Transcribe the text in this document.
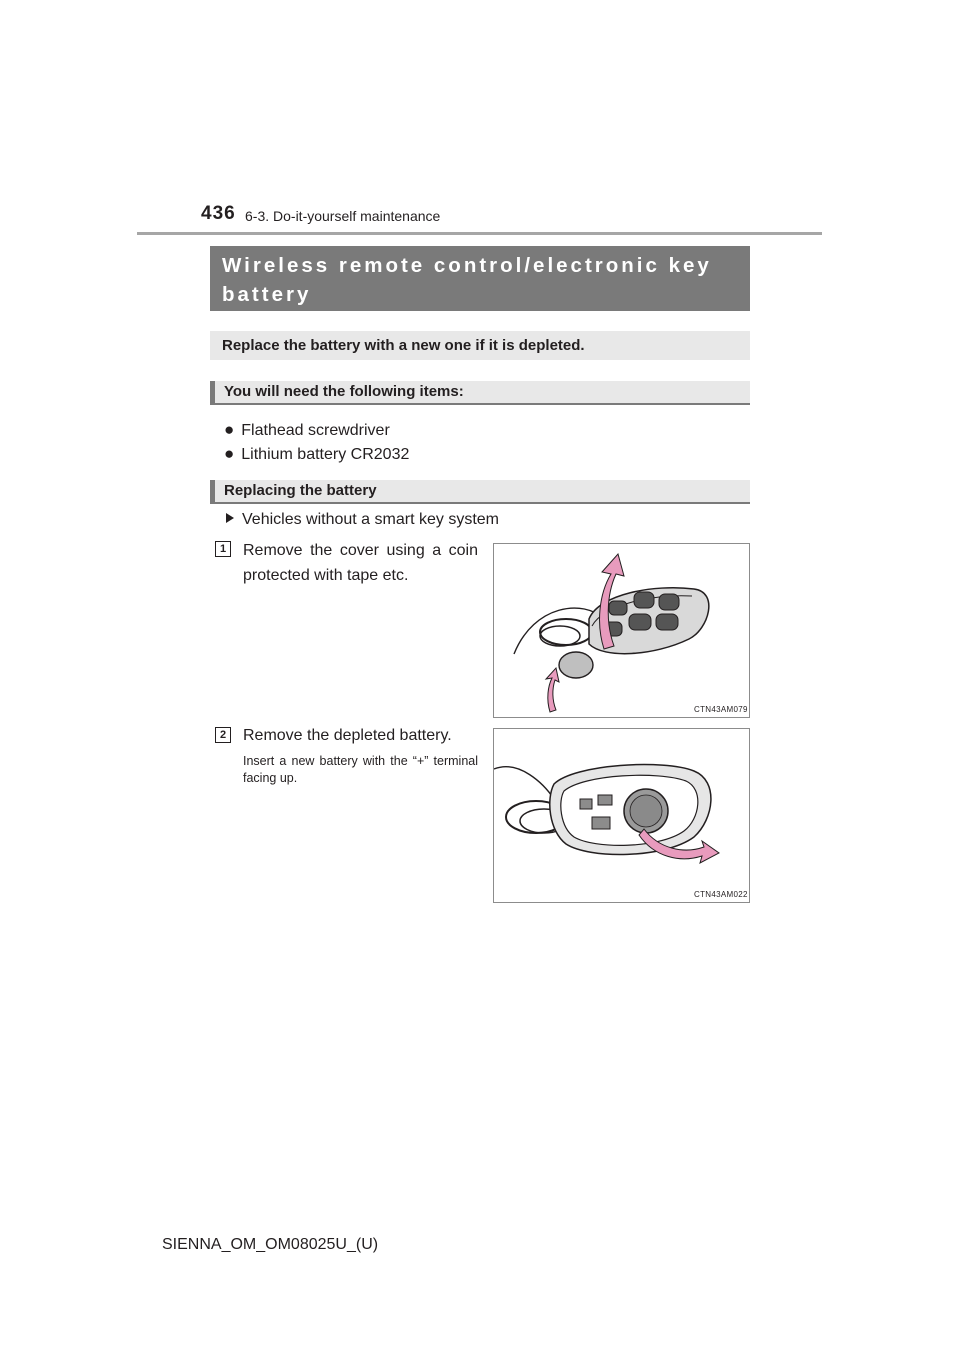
436 6-3. Do-it-yourself maintenance
Wireless remote control/electronic key
battery
Replace the battery with a new one if it is depleted.
You will need the following items:
● Flathead screwdriver
● Lithium battery CR2032
Replacing the battery
Vehicles without a smart key system
1	Remove the cover using a coin protected with tape etc.
CTN43AM079
2	Remove the depleted battery.
Insert a new battery with the “+” terminal facing up.
CTN43AM022
SIENNA_OM_OM08025U_(U)
